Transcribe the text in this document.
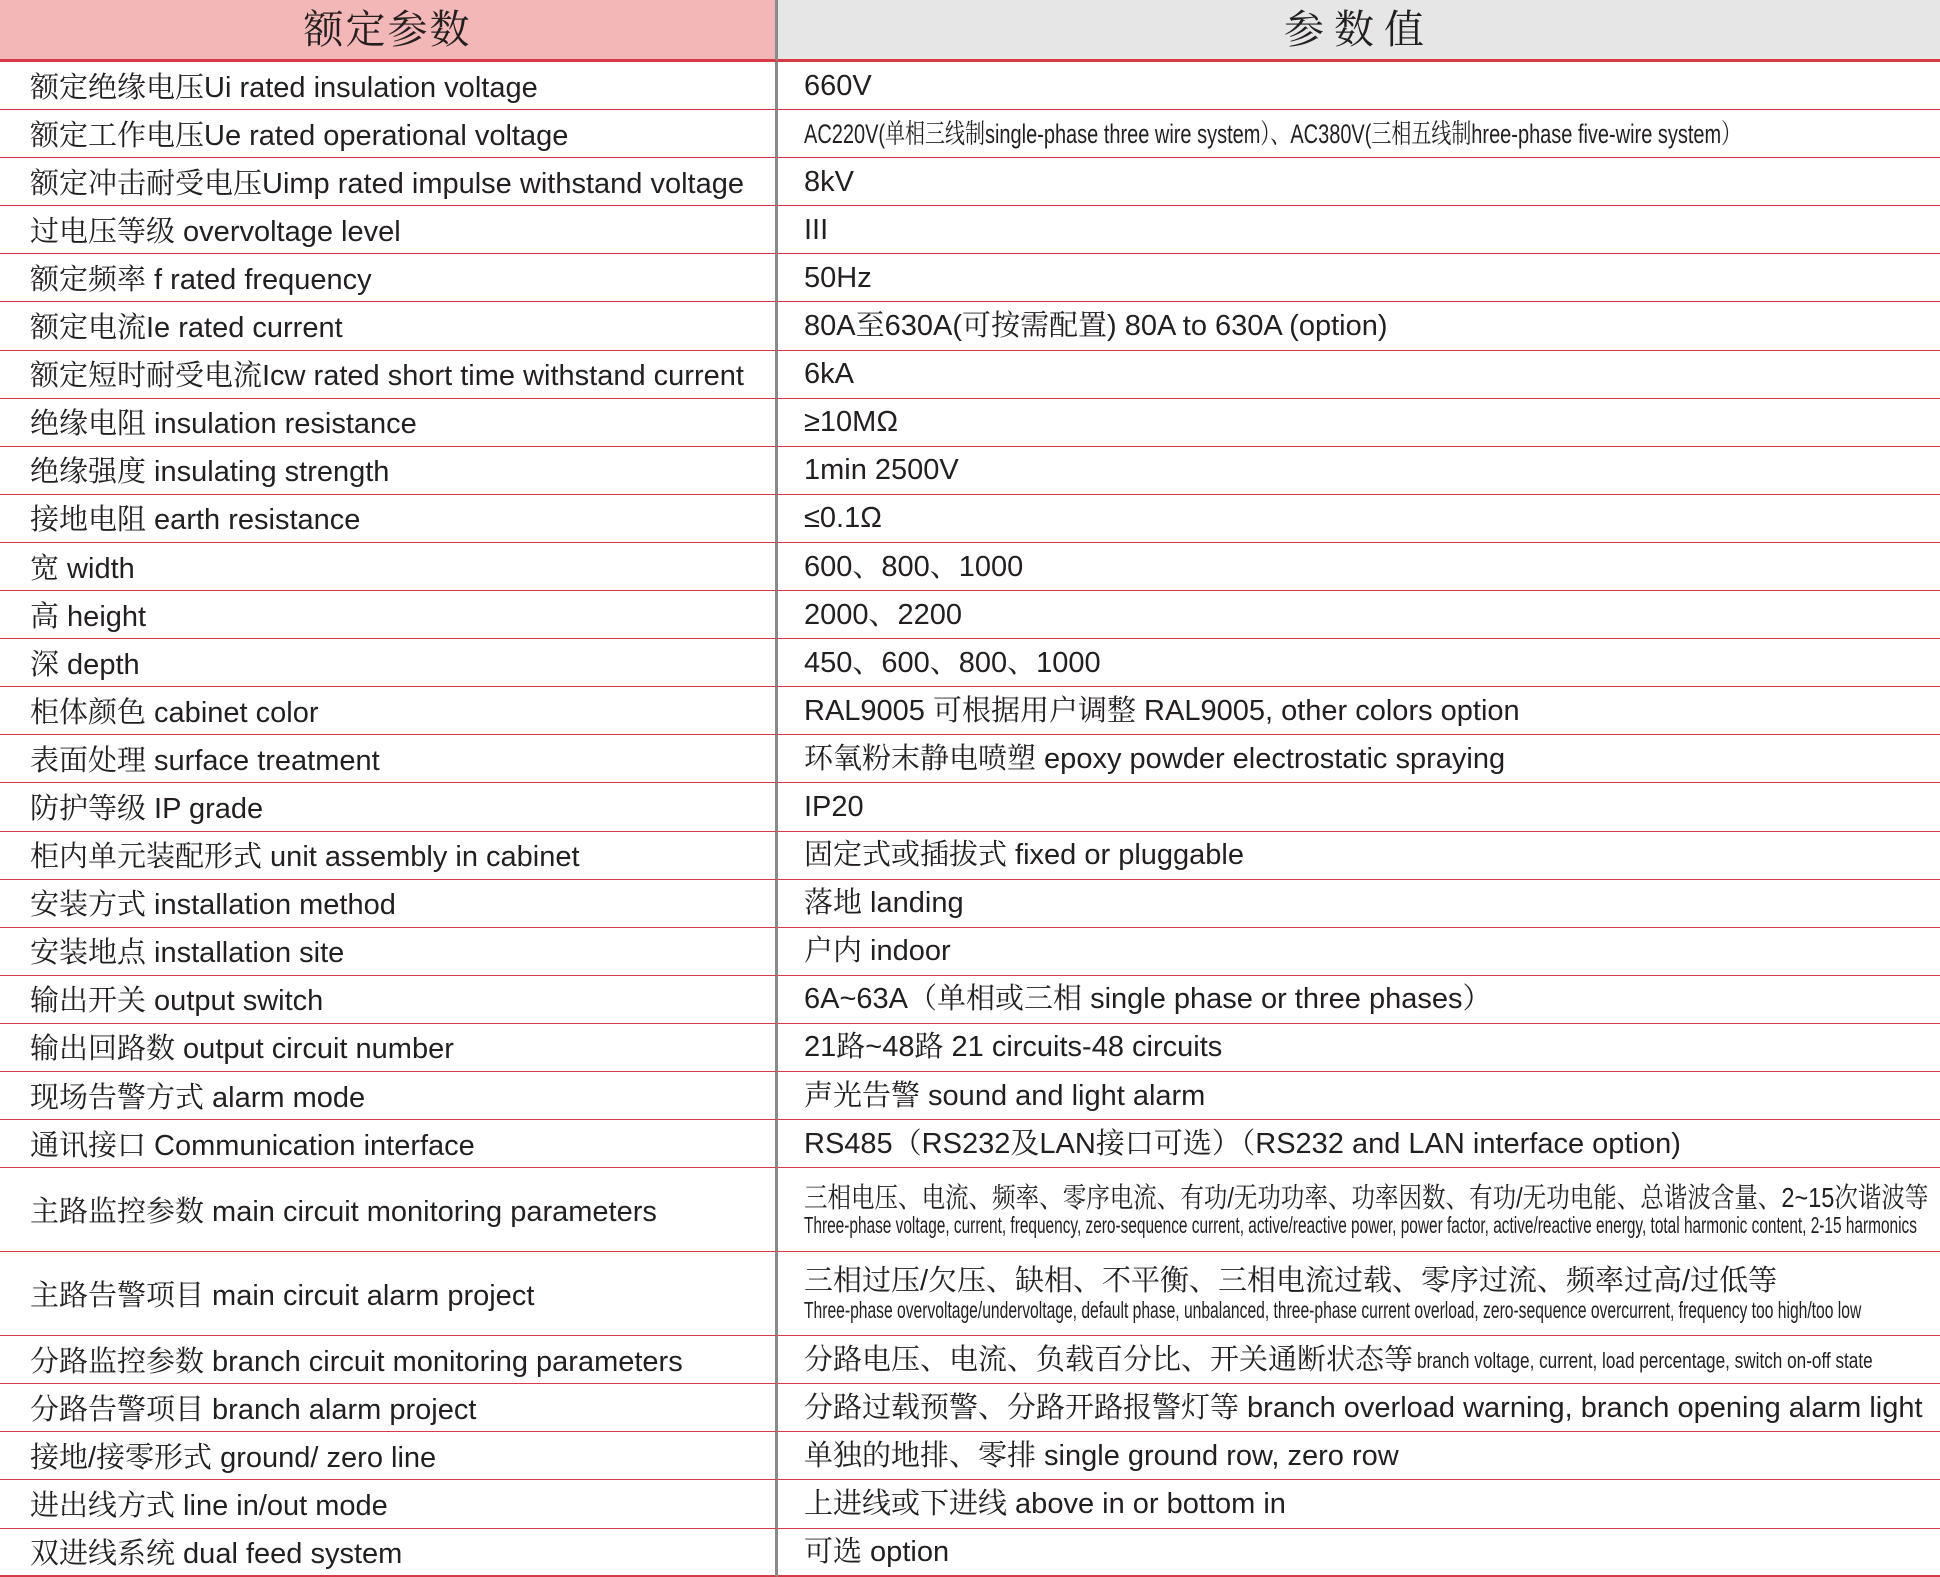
额定参数	参数值
额定绝缘电压Ui rated insulation voltage	660V
额定工作电压Ue rated operational voltage	AC220V(单相三线制single-phase three wire system）、AC380V(三相五线制hree-phase five-wire system）
额定冲击耐受电压Uimp rated impulse withstand voltage	8kV
过电压等级 overvoltage level	III
额定频率 f rated frequency	50Hz
额定电流Ie rated current	80A至630A(可按需配置) 80A to 630A (option)
额定短时耐受电流Icw rated short time withstand current	6kA
绝缘电阻 insulation resistance	≥10MΩ
绝缘强度 insulating strength	1min 2500V
接地电阻 earth resistance	≤0.1Ω
宽 width	600、800、1000
高 height	2000、2200
深 depth	450、600、800、1000
柜体颜色 cabinet color	RAL9005 可根据用户调整 RAL9005, other colors option
表面处理 surface treatment	环氧粉末静电喷塑 epoxy powder electrostatic spraying
防护等级 IP grade	IP20
柜内单元装配形式 unit assembly in cabinet	固定式或插拔式 fixed or pluggable
安装方式 installation method	落地 landing
安装地点 installation site	户内 indoor
输出开关 output switch	6A~63A（单相或三相 single phase or three phases）
输出回路数 output circuit number	21路~48路 21 circuits-48 circuits
现场告警方式 alarm mode	声光告警 sound and light alarm
通讯接口 Communication interface	RS485（RS232及LAN接口可选）（RS232 and LAN interface option)
主路监控参数 main circuit monitoring parameters	三相电压、电流、频率、零序电流、有功/无功功率、功率因数、有功/无功电能、总谐波含量、2~15次谐波等
Three-phase voltage, current, frequency, zero-sequence current, active/reactive power, power factor, active/reactive energy, total harmonic content, 2-15 harmonics
主路告警项目 main circuit alarm project	三相过压/欠压、缺相、不平衡、三相电流过载、零序过流、频率过高/过低等
Three-phase overvoltage/undervoltage, default phase, unbalanced, three-phase current overload, zero-sequence overcurrent, frequency too high/too low
分路监控参数 branch circuit monitoring parameters	分路电压、电流、负载百分比、开关通断状态等 branch voltage, current, load percentage, switch on-off state
分路告警项目 branch alarm project	分路过载预警、分路开路报警灯等 branch overload warning, branch opening alarm light
接地/接零形式 ground/ zero line	单独的地排、零排 single ground row, zero row
进出线方式 line in/out mode	上进线或下进线 above in or bottom in
双进线系统 dual feed system	可选 option
